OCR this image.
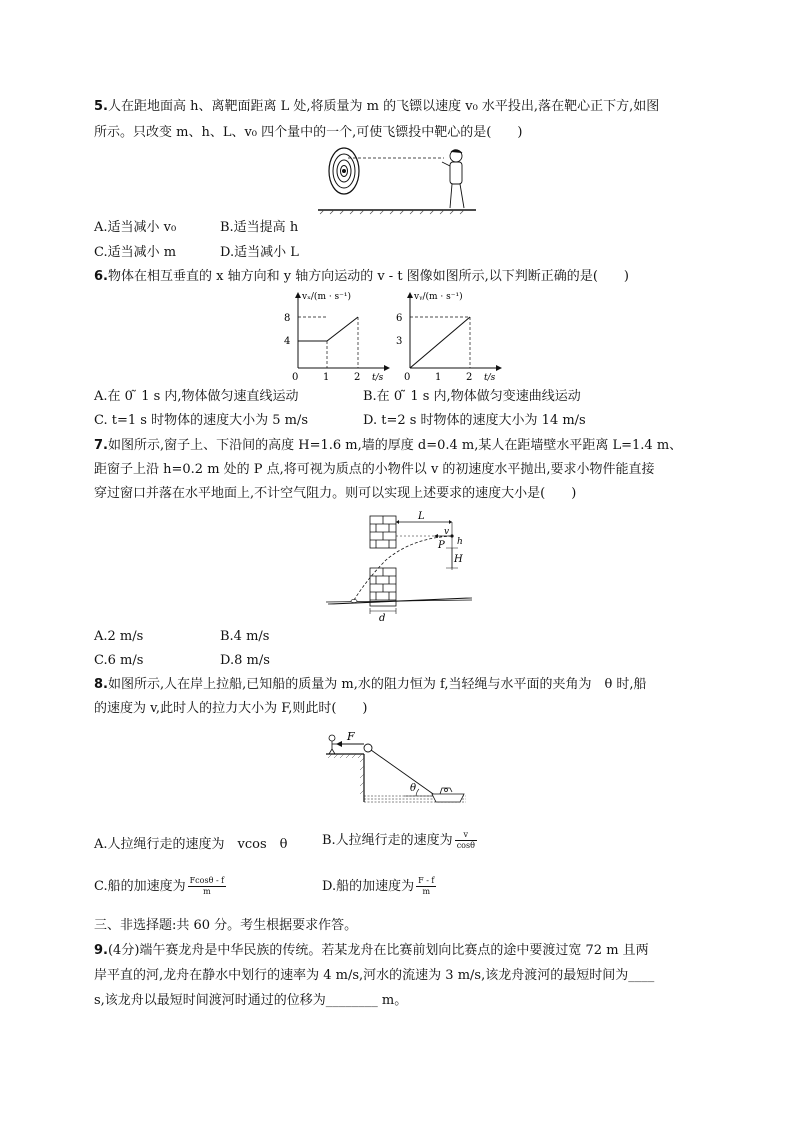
5.人在距地面高 h、离靶面距离 L 处,将质量为 m 的飞镖以速度 v₀ 水平投出,落在靶心正下方,如图
所示。只改变 m、h、L、v₀ 四个量中的一个,可使飞镖投中靶心的是(　　)
A.适当减小 v₀	B.适当提高 h
C.适当减小 m	D.适当减小 L
6.物体在相互垂直的 x 轴方向和 y 轴方向运动的 v - t 图像如图所示,以下判断正确的是(　　)
vₓ/(m · s⁻¹)
t/s
8
4
0 1 2
vᵧ/(m · s⁻¹)
t/s
6
3
0 1 2
A.在 0 ̃ 1 s 内,物体做匀速直线运动	B.在 0 ̃ 1 s 内,物体做匀变速曲线运动
C. t=1 s 时物体的速度大小为 5 m/s	D. t=2 s 时物体的速度大小为 14 m/s
7.如图所示,窗子上、下沿间的高度 H=1.6 m,墙的厚度 d=0.4 m,某人在距墙壁水平距离 L=1.4 m、
距窗子上沿 h=0.2 m 处的 P 点,将可视为质点的小物件以 v 的初速度水平抛出,要求小物件能直接
穿过窗口并落在水平地面上,不计空气阻力。则可以实现上述要求的速度大小是(　　)
L
v
P h
H
d
A.2 m/s	B.4 m/s
C.6 m/s	D.8 m/s
8.如图所示,人在岸上拉船,已知船的质量为 m,水的阻力恒为 f,当轻绳与水平面的夹角为　θ 时,船
的速度为 v,此时人的拉力大小为 F,则此时(　　)
F
θ
A.人拉绳行走的速度为　vcos　θ	B.人拉绳行走的速度为 $\frac{v}{\cos\theta}$
C.船的加速度为 $\frac{Fcos\theta - f}{m}$	D.船的加速度为 $\frac{F - f}{m}$
三、非选择题:共 60 分。考生根据要求作答。
9.(4分)端午赛龙舟是中华民族的传统。若某龙舟在比赛前划向比赛点的途中要渡过宽 72 m 且两
岸平直的河,龙舟在静水中划行的速率为 4 m/s,河水的流速为 3 m/s,该龙舟渡河的最短时间为____
s,该龙舟以最短时间渡河时通过的位移为________ m。
